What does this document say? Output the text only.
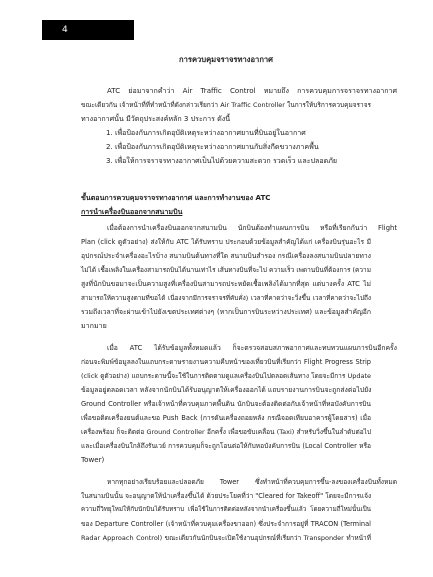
4
การควบคุมจราจรทางอากาศ
ATC ย่อมาจากคำว่า Air Traffic Control หมายถึง การควบคุมการจราจรทางอากาศ
ขณะเดียวกัน เจ้าหน้าที่ที่ทำหน้าที่ดังกล่าวเรียกว่า Air Traffic Controller ในการให้บริการควบคุมจราจร
ทางอากาศนั้น มีวัตถุประสงค์หลัก 3 ประการ ดังนี้
1. เพื่อป้องกันการเกิดอุบัติเหตุระหว่างอากาศยานที่บินอยู่ในอากาศ
2. เพื่อป้องกันการเกิดอุบัติเหตุระหว่างอากาศยานกับสิ่งกีดขวางภาคพื้น
3. เพื่อให้การจราจรทางอากาศเป็นไปด้วยความสะดวก รวดเร็ว และปลอดภัย
ขั้นตอนการควบคุมจราจรทางอากาศ และการทำงานของ ATC
การนำเครื่องบินออกจากสนามบิน
เมื่อต้องการนำเครื่องบินออกจากสนามบิน นักบินต้องทำแผนการบิน หรือที่เรียกกันว่า Flight
Plan (click ดูตัวอย่าง) ส่งให้กับ ATC ได้รับทราบ ประกอบด้วยข้อมูลสำคัญได้แก่ เครื่องบินรุ่นอะไร มี
อุปกรณ์ประจำเครื่องอะไรบ้าง สนามบินต้นทางที่ใด สนามบินสำรอง กรณีเครื่องลงสนามบินปลายทาง
ไม่ได้ เชื้อเพลิงในเครื่องสามารถบินได้นานเท่าไร เส้นทางบินที่จะไป ความเร็ว เพดานบินที่ต้องการ (ความ
สูงที่นักบินขอมาจะเป็นความสูงที่เครื่องบินสามารถประหยัดเชื้อเพลิงได้มากที่สุด แต่บางครั้ง ATC ไม่
สามารถให้ความสูงตามที่ขอได้ เนื่องจากมีการจราจรที่คับคั่ง) เวลาที่คาดว่าจะวิ่งขึ้น เวลาที่คาดว่าจะไปถึง
รวมถึงเวลาที่จะผ่านเข้าไปยังเขตประเทศต่างๆ (หากเป็นการบินระหว่างประเทศ) และข้อมูลสำคัญอีก
มากมาย
เมื่อ ATC ได้รับข้อมูลทั้งหมดแล้ว ก็จะตรวจสอบสภาพอากาศและทบทวนแผนการบินอีกครั้ง
ก่อนจะพิมพ์ข้อมูลลงในแถบกระดาษรายงานความคืบหน้าของเที่ยวบินที่เรียกว่า Flight Progress Strip
(click ดูตัวอย่าง) แถบกระดาษนี้จะใช้ในการติดตามดูแลเครื่องบินไปตลอดเส้นทาง โดยจะมีการ Update
ข้อมูลอยู่ตลอดเวลา หลังจากนักบินได้รับอนุญาตให้เครื่องออกได้ แถบรายงานการบินจะถูกส่งต่อไปยัง
Ground Controller หรือเจ้าหน้าที่ควบคุมภาคพื้นดิน นักบินจะต้องติดต่อกับเจ้าหน้าที่หอบังคับการบิน
เพื่อขอติดเครื่องยนต์และขอ Push Back (การดันเครื่องถอยหลัง กรณีจอดเทียบอาคารผู้โดยสาร) เมื่อ
เครื่องพร้อม ก็จะติดต่อ Ground Controller อีกครั้ง เพื่อขอขับเคลื่อน (Taxi) สำหรับวิ่งขึ้นในลำดับต่อไป
และเมื่อเครื่องบินใกล้ถึงรันเวย์ การควบคุมก็จะถูกโอนต่อให้กับหอบังคับการบิน (Local Controller หรือ
Tower)
หากทุกอย่างเรียบร้อยและปลอดภัย Tower ซึ่งทำหน้าที่ควบคุมการขึ้น-ลงของเครื่องบินทั้งหมด
ในสนามบินนั้น จะอนุญาตให้นำเครื่องขึ้นได้ ด้วยประโยคที่ว่า "Cleared for Takeoff" โดยจะมีการแจ้ง
ความถี่วิทยุใหม่ให้กับนักบินได้รับทราบ เพื่อใช้ในการติดต่อหลังจากนำเครื่องขึ้นแล้ว โดยความถี่ใหม่นั้นเป็น
ของ Departure Controller (เจ้าหน้าที่ควบคุมเครื่องขาออก) ซึ่งประจำการอยู่ที่ TRACON (Terminal
Radar Approach Control) ขณะเดียวกันนักบินจะเปิดใช้งานอุปกรณ์ที่เรียกว่า Transponder ทำหน้าที่
